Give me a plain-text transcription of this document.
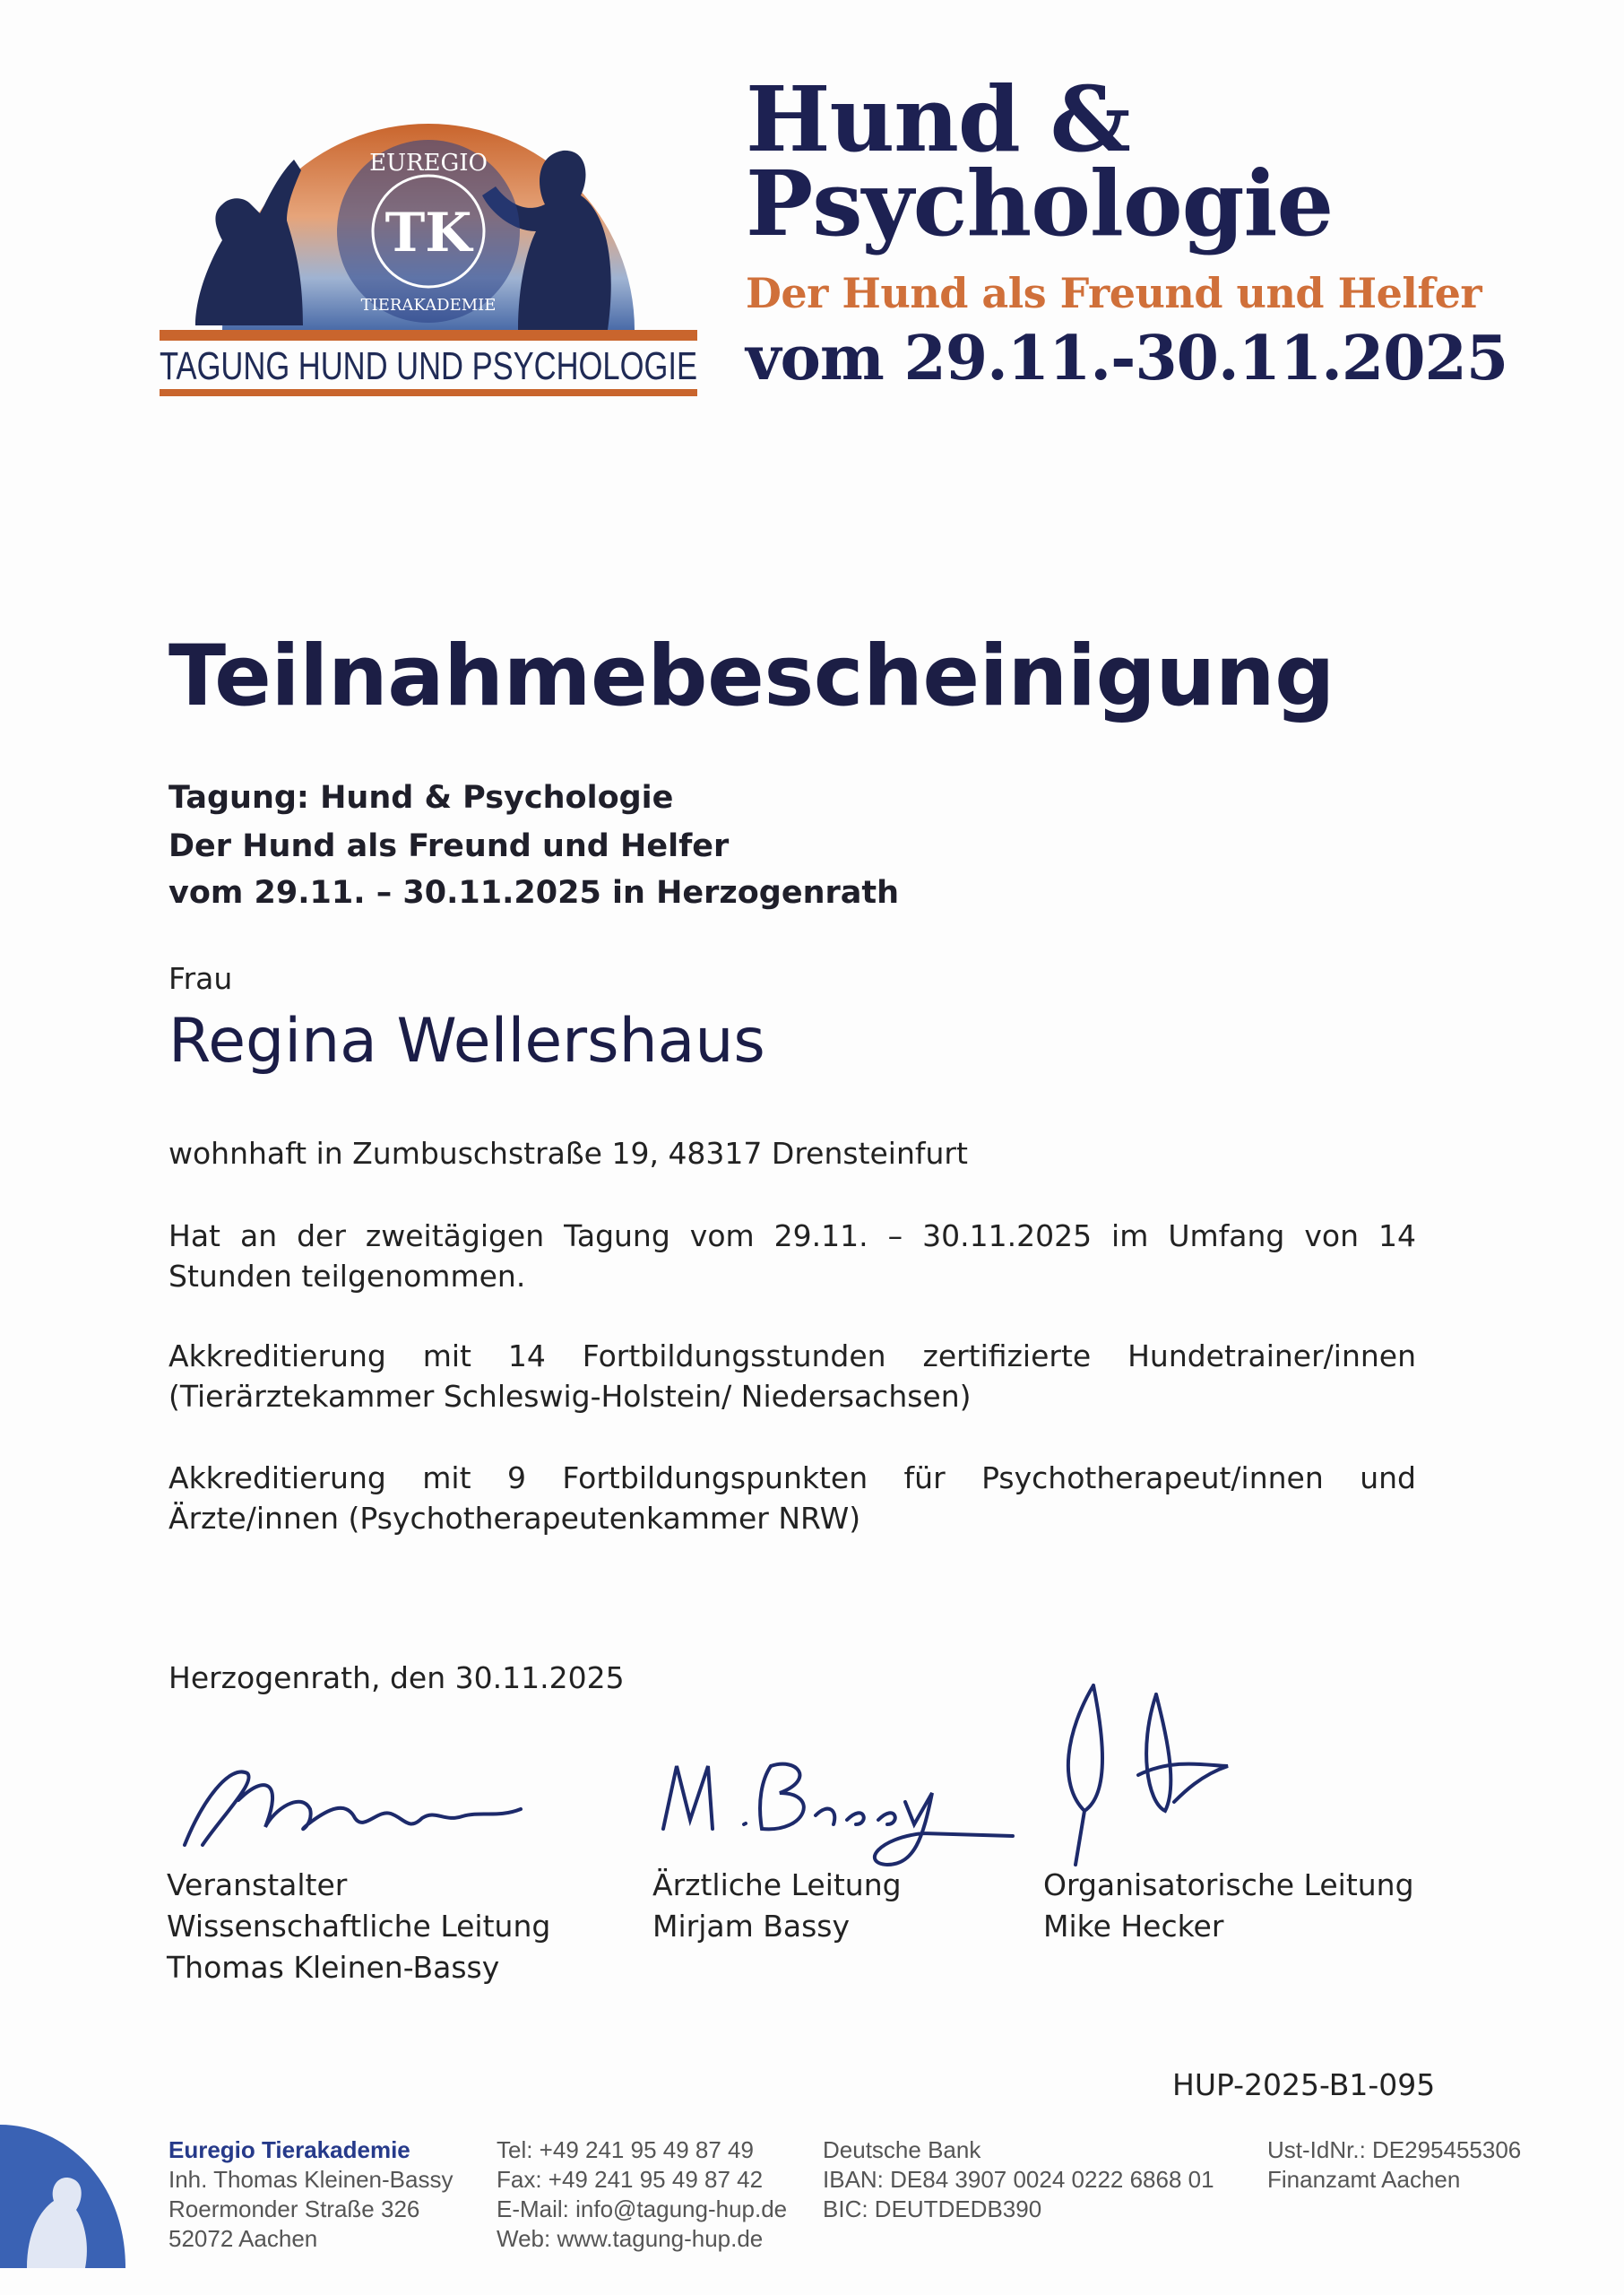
EUREGIO
TIERAKADEMIE
TK
TAGUNG HUND UND PSYCHOLOGIE
Hund &
Psychologie
Der Hund als Freund und Helfer
vom 29.11.-30.11.2025
Teilnahmebescheinigung
Tagung: Hund & Psychologie
Der Hund als Freund und Helfer
vom 29.11. – 30.11.2025 in Herzogenrath
Frau
Regina Wellershaus
wohnhaft in Zumbuschstraße 19, 48317 Drensteinfurt
Hat an der zweitägigen Tagung vom 29.11. – 30.11.2025 im Umfang von 14 Stunden teilgenommen.
Akkreditierung mit 14 Fortbildungsstunden zertifizierte Hundetrainer/innen (Tierärztekammer Schleswig-Holstein/ Niedersachsen)
Akkreditierung mit 9 Fortbildungspunkten für Psychotherapeut/innen und Ärzte/innen (Psychotherapeutenkammer NRW)
Herzogenrath, den 30.11.2025
Veranstalter
Wissenschaftliche Leitung
Thomas Kleinen-Bassy
Ärztliche Leitung
Mirjam Bassy
Organisatorische Leitung
Mike Hecker
HUP-2025-B1-095
Euregio Tierakademie
Inh. Thomas Kleinen-Bassy
Roermonder Straße 326
52072 Aachen
Tel: +49 241 95 49 87 49
Fax: +49 241 95 49 87 42
E-Mail: info@tagung-hup.de
Web: www.tagung-hup.de
Deutsche Bank
IBAN: DE84 3907 0024 0222 6868 01
BIC: DEUTDEDB390
Ust-IdNr.: DE295455306
Finanzamt Aachen
